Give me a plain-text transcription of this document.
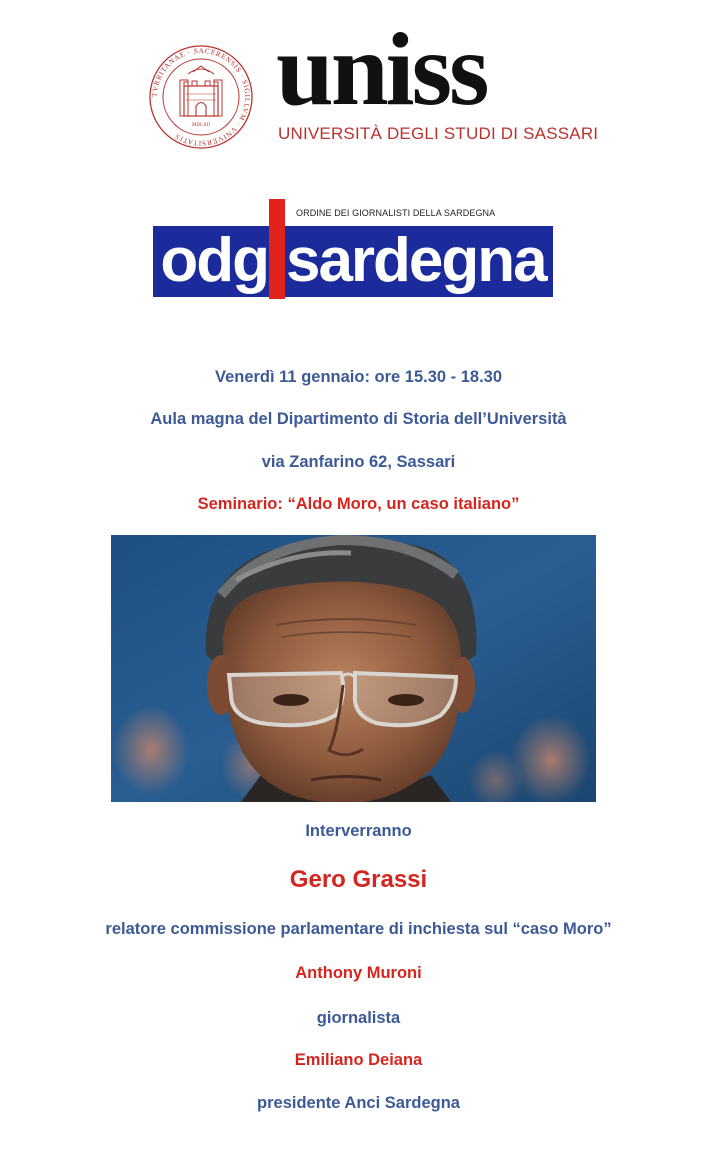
TVRRITANAE · SACERENSIS · SIGILLVM · VNIVERSITATIS
MDLXII uniss
UNIVERSITÀ DEGLI STUDI DI SASSARI
ORDINE DEI GIORNALISTI DELLA SARDEGNA
odg sardegna
Venerdì 11 gennaio: ore 15.30 - 18.30
Aula magna del Dipartimento di Storia dell’Università
via Zanfarino 62, Sassari
Seminario: “Aldo Moro, un caso italiano”
Interverranno
Gero Grassi
relatore commissione parlamentare di inchiesta sul “caso Moro”
Anthony Muroni
giornalista
Emiliano Deiana
presidente Anci Sardegna
